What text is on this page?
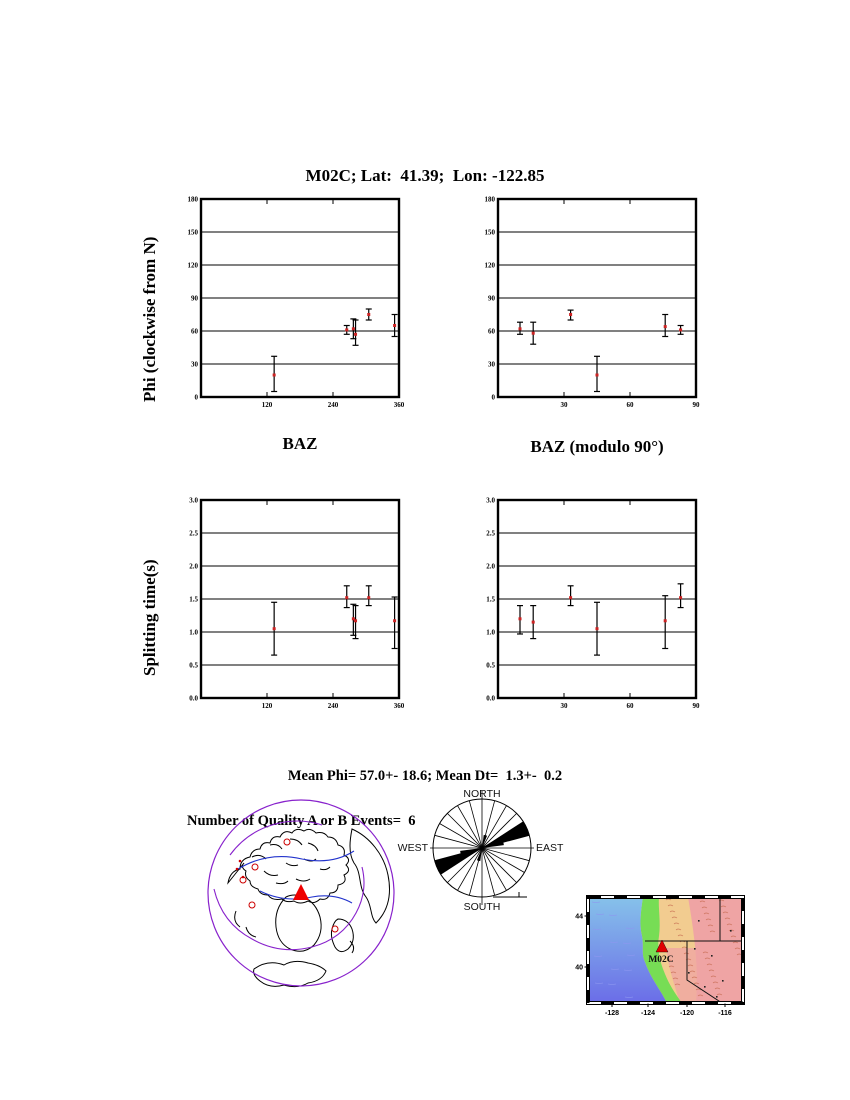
M02C; Lat:  41.39;  Lon: -122.85
Phi (clockwise from N)
Splitting time(s)
0
30
60
90
120
150
180
120	240	360
0
30
60
90
120
150
180
30	60	90
0.0
0.5
1.0
1.5
2.0
2.5
3.0
120	240	360
0.0
0.5
1.0
1.5
2.0
2.5
3.0
30	60	90
BAZ	BAZ (modulo 90°)

Mean Phi= 57.0+- 18.6; Mean Dt=  1.3+-  0.2

Number of Quality A or B Events=  6

NORTH
SOUTH
EAST
WEST
M02C
-128	-124	-120	-116
44
40
